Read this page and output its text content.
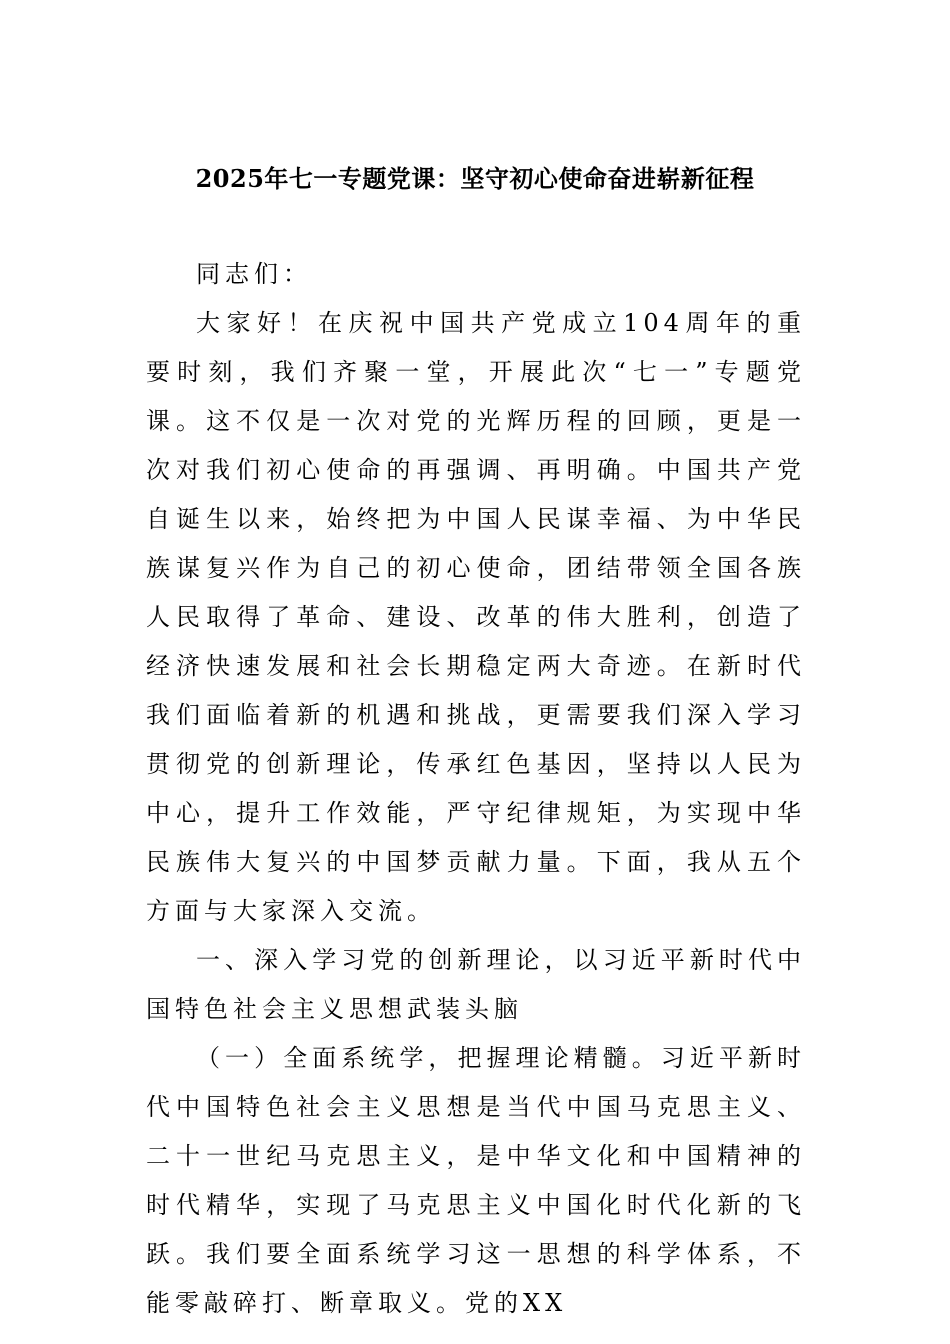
2025年七一专题党课：坚守初心使命奋进崭新征程

同志们：

大家好！在庆祝中国共产党成立104周年的重要时刻，我们齐聚一堂，开展此次“七一”专题党课。这不仅是一次对党的光辉历程的回顾，更是一次对我们初心使命的再强调、再明确。中国共产党自诞生以来，始终把为中国人民谋幸福、为中华民族谋复兴作为自己的初心使命，团结带领全国各族人民取得了革命、建设、改革的伟大胜利，创造了经济快速发展和社会长期稳定两大奇迹。在新时代我们面临着新的机遇和挑战，更需要我们深入学习贯彻党的创新理论，传承红色基因，坚持以人民为中心，提升工作效能，严守纪律规矩，为实现中华民族伟大复兴的中国梦贡献力量。下面，我从五个方面与大家深入交流。

一、深入学习党的创新理论，以习近平新时代中国特色社会主义思想武装头脑

（一）全面系统学，把握理论精髓。习近平新时代中国特色社会主义思想是当代中国马克思主义、二十一世纪马克思主义，是中华文化和中国精神的时代精华，实现了马克思主义中国化时代化新的飞跃。我们要全面系统学习这一思想的科学体系，不能零敲碎打、断章取义。党的XX
